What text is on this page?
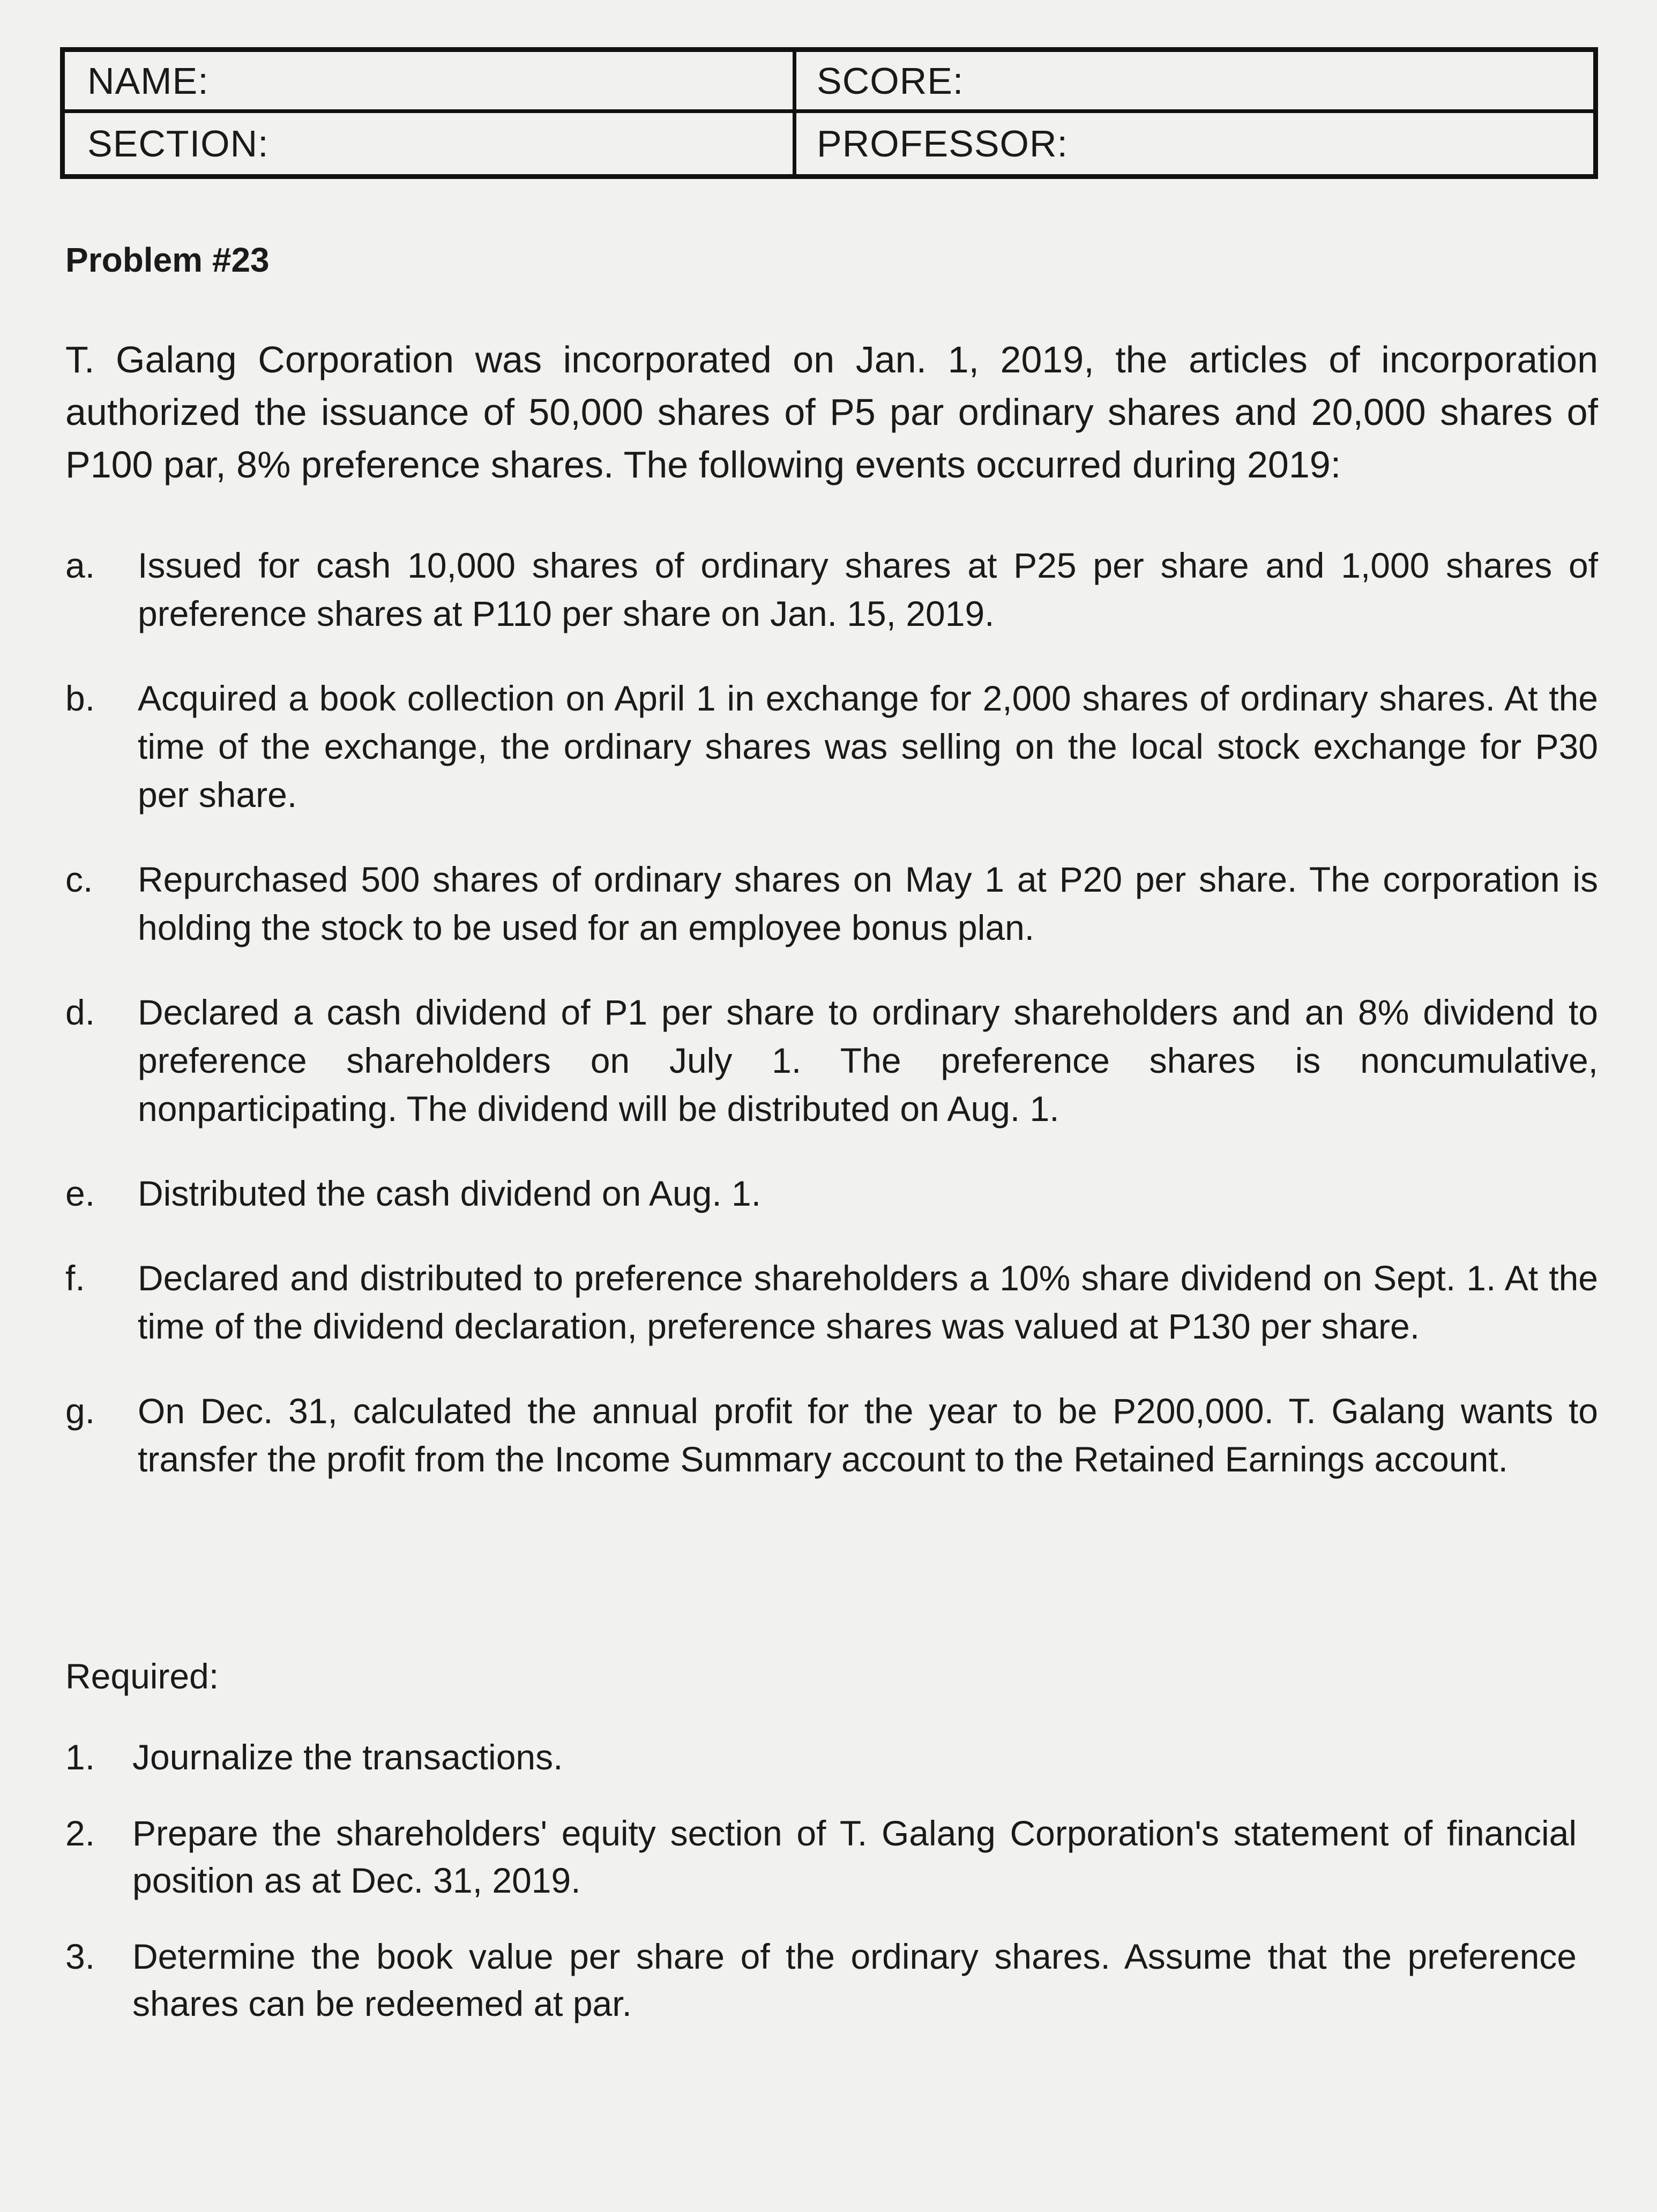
NAME:	SCORE:
SECTION:	PROFESSOR:
Problem #23

T. Galang Corporation was incorporated on Jan. 1, 2019, the articles of incorporation authorized the issuance of 50,000 shares of P5 par ordinary shares and 20,000 shares of P100 par, 8% preference shares. The following events occurred during 2019:

a.	Issued for cash 10,000 shares of ordinary shares at P25 per share and 1,000 shares of preference shares at P110 per share on Jan. 15, 2019.
b.	Acquired a book collection on April 1 in exchange for 2,000 shares of ordinary shares. At the time of the exchange, the ordinary shares was selling on the local stock exchange for P30 per share.
c.	Repurchased 500 shares of ordinary shares on May 1 at P20 per share. The corporation is holding the stock to be used for an employee bonus plan.
d.	Declared a cash dividend of P1 per share to ordinary shareholders and an 8% dividend to preference shareholders on July 1. The preference shares is noncumulative, nonparticipating. The dividend will be distributed on Aug. 1.
e.	Distributed the cash dividend on Aug. 1.
f.	Declared and distributed to preference shareholders a 10% share dividend on Sept. 1. At the time of the dividend declaration, preference shares was valued at P130 per share.
g.	On Dec. 31, calculated the annual profit for the year to be P200,000. T. Galang wants to transfer the profit from the Income Summary account to the Retained Earnings account.
Required:
1.	Journalize the transactions.
2.	Prepare the shareholders' equity section of T. Galang Corporation's statement of financial position as at Dec. 31, 2019.
3.	Determine the book value per share of the ordinary shares. Assume that the preference shares can be redeemed at par.
